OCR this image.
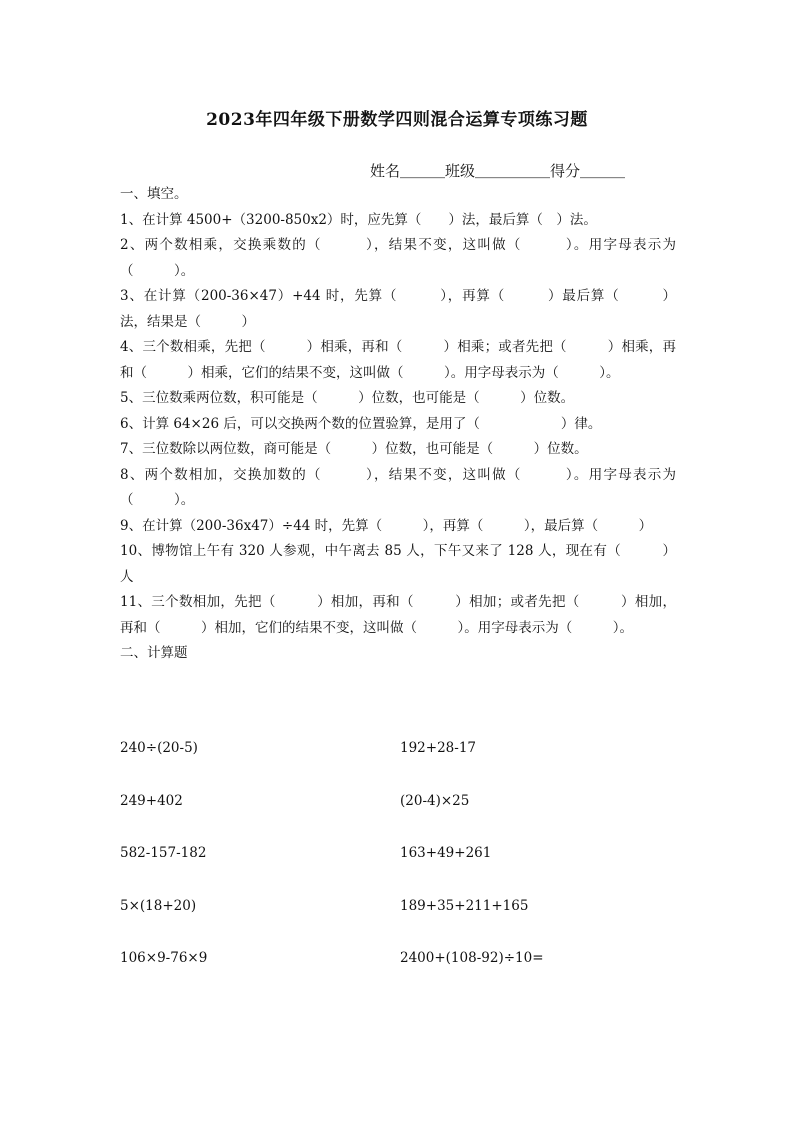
2023年四年级下册数学四则混合运算专项练习题
姓名＿＿＿班级＿＿＿＿＿得分＿＿＿

一、填空。

1、在计算 4500+（3200-850x2）时，应先算（　　）法，最后算（　）法。

2、两个数相乘，交换乘数的（　　　），结果不变，这叫做（　　　）。用字母表示为（　　　）。

3、在计算（200-36×47）+44 时，先算（　　　），再算（　　　）最后算（　　　）法，结果是（　　　）

4、三个数相乘，先把（　　　）相乘，再和（　　　）相乘；或者先把（　　　）相乘，再和（　　　）相乘，它们的结果不变，这叫做（　　　）。用字母表示为（　　　）。

5、三位数乘两位数，积可能是（　　　）位数，也可能是（　　　）位数。

6、计算 64×26 后，可以交换两个数的位置验算，是用了（　　　　　　）律。

7、三位数除以两位数，商可能是（　　　）位数，也可能是（　　　）位数。

8、两个数相加，交换加数的（　　　），结果不变，这叫做（　　　）。用字母表示为（　　　）。

9、在计算（200-36x47）÷44 时，先算（　　　），再算（　　　），最后算（　　　）

10、博物馆上午有 320 人参观，中午离去 85 人，下午又来了 128 人，现在有（　　　）人

11、三个数相加，先把（　　　）相加，再和（　　　）相加；或者先把（　　　）相加，再和（　　　）相加，它们的结果不变，这叫做（　　　）。用字母表示为（　　　）。

二、计算题

240÷(20-5)	192+28-17
249+402	(20-4)×25
582-157-182	163+49+261
5×(18+20)	189+35+211+165
106×9-76×9	2400+(108-92)÷10=
